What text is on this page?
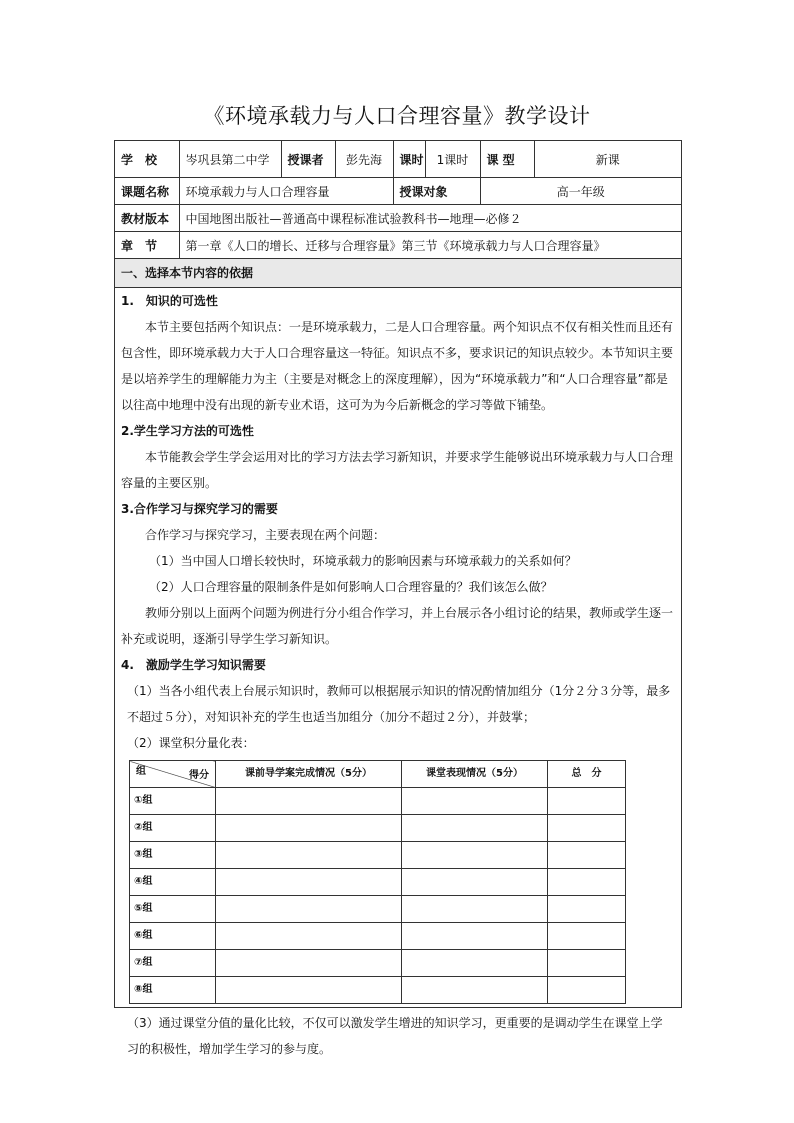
《环境承载力与人口合理容量》教学设计
学　校	岑巩县第二中学	授课者	彭先海	课时	1课时	课 型	新课
课题名称	环境承载力与人口合理容量			授课对象		高一年级	
教材版本	中国地图出版社—普通高中课程标准试验教科书—地理—必修２						
章　节	第一章《人口的增长、迁移与合理容量》第三节《环境承载力与人口合理容量》						
一、选择本节内容的依据
1.　知识的可选性
本节主要包括两个知识点：一是环境承载力，二是人口合理容量。两个知识点不仅有相关性而且还有包含性，即环境承载力大于人口合理容量这一特征。知识点不多，要求识记的知识点较少。本节知识主要是以培养学生的理解能力为主（主要是对概念上的深度理解），因为“环境承载力”和“人口合理容量”都是以往高中地理中没有出现的新专业术语，这可为为今后新概念的学习等做下铺垫。
2.学生学习方法的可选性
本节能教会学生学会运用对比的学习方法去学习新知识，并要求学生能够说出环境承载力与人口合理容量的主要区别。
3.合作学习与探究学习的需要
合作学习与探究学习，主要表现在两个问题：
（1）当中国人口增长较快时，环境承载力的影响因素与环境承载力的关系如何？
（2）人口合理容量的限制条件是如何影响人口合理容量的？我们该怎么做？
教师分别以上面两个问题为例进行分小组合作学习，并上台展示各小组讨论的结果，教师或学生逐一补充或说明，逐渐引导学生学习新知识。
4.　激励学生学习知识需要
（1）当各小组代表上台展示知识时，教师可以根据展示知识的情况酌情加组分（1分２分３分等，最多不超过５分），对知识补充的学生也适当加组分（加分不超过２分），并鼓掌；
（2）课堂积分量化表：
得分
组	课前导学案完成情况（5分）	课堂表现情况（5分）	总　分
①组			
②组			
③组			
④组			
⑤组			
⑥组			
⑦组			
⑧组			
（3）通过课堂分值的量化比较，不仅可以激发学生增进的知识学习，更重要的是调动学生在课堂上学习的积极性，增加学生学习的参与度。
